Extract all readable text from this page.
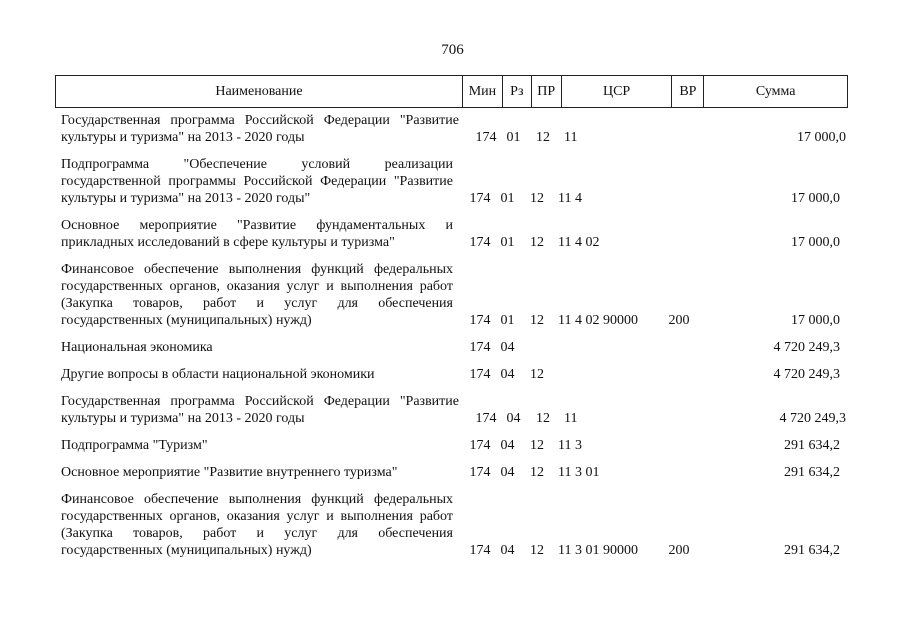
706
Наименование	Мин	Рз ПР	ЦСР	ВР	Сумма
Государственная программа Российской Федерации "Развитие культуры и туризма" на 2013 - 2020 годы	174 01	12	11	17 000,0
Подпрограмма "Обеспечение условий реализации государственной программы Российской Федерации "Развитие культуры и туризма" на 2013 - 2020 годы"	174 01	12	11 4	17 000,0
Основное мероприятие "Развитие фундаментальных и прикладных исследований в сфере культуры и туризма"	174 01	12	11 4 02	17 000,0
Финансовое обеспечение выполнения функций федеральных государственных органов, оказания услуг и выполнения работ (Закупка товаров, работ и услуг для обеспечения государственных (муниципальных) нужд)	174 01	12	11 4 02 90000	200	17 000,0
Национальная экономика	174 04	4 720 249,3
Другие вопросы в области национальной экономики	174 04	12	4 720 249,3
Государственная программа Российской Федерации "Развитие культуры и туризма" на 2013 - 2020 годы	174 04	12	11	4 720 249,3
Подпрограмма "Туризм"	174 04	12	11 3	291 634,2
Основное мероприятие "Развитие внутреннего туризма"	174 04	12	11 3 01	291 634,2
Финансовое обеспечение выполнения функций федеральных государственных органов, оказания услуг и выполнения работ (Закупка товаров, работ и услуг для обеспечения государственных (муниципальных) нужд)	174 04	12	11 3 01 90000	200	291 634,2
